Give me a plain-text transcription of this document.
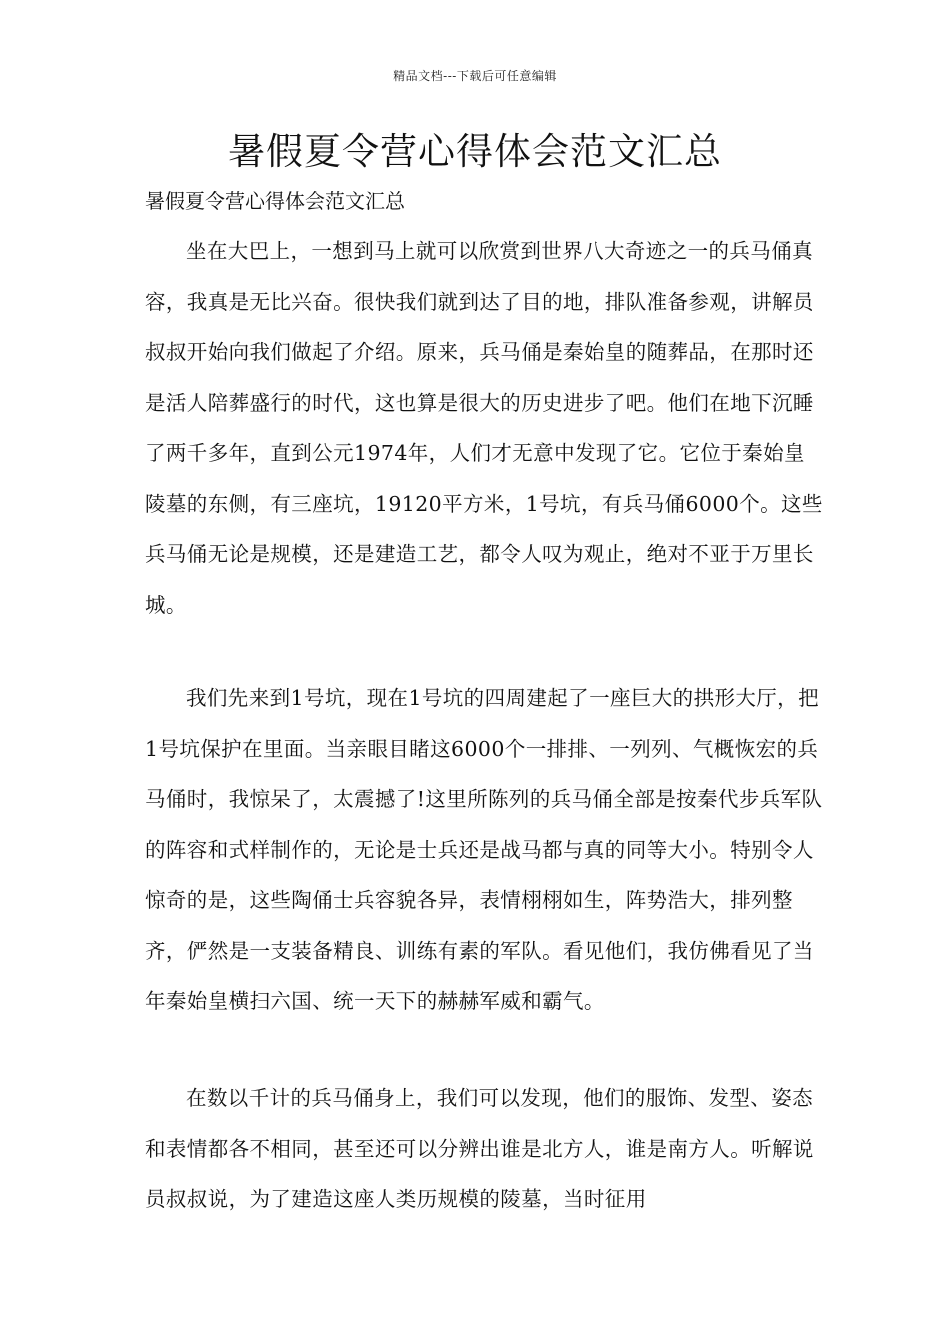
精品文档---下载后可任意编辑
暑假夏令营心得体会范文汇总

暑假夏令营心得体会范文汇总

坐在大巴上，一想到马上就可以欣赏到世界八大奇迹之一的兵马俑真容，我真是无比兴奋。很快我们就到达了目的地，排队准备参观，讲解员叔叔开始向我们做起了介绍。原来，兵马俑是秦始皇的随葬品，在那时还是活人陪葬盛行的时代，这也算是很大的历史进步了吧。他们在地下沉睡了两千多年，直到公元1974年，人们才无意中发现了它。它位于秦始皇陵墓的东侧，有三座坑，19120平方米，1号坑，有兵马俑6000个。这些兵马俑无论是规模，还是建造工艺，都令人叹为观止，绝对不亚于万里长城。

我们先来到1号坑，现在1号坑的四周建起了一座巨大的拱形大厅，把1号坑保护在里面。当亲眼目睹这6000个一排排、一列列、气概恢宏的兵马俑时，我惊呆了，太震撼了!这里所陈列的兵马俑全部是按秦代步兵军队的阵容和式样制作的，无论是士兵还是战马都与真的同等大小。特别令人惊奇的是，这些陶俑士兵容貌各异，表情栩栩如生，阵势浩大，排列整齐，俨然是一支装备精良、训练有素的军队。看见他们，我仿佛看见了当年秦始皇横扫六国、统一天下的赫赫军威和霸气。

在数以千计的兵马俑身上，我们可以发现，他们的服饰、发型、姿态和表情都各不相同，甚至还可以分辨出谁是北方人，谁是南方人。听解说员叔叔说，为了建造这座人类历规模的陵墓，当时征用
